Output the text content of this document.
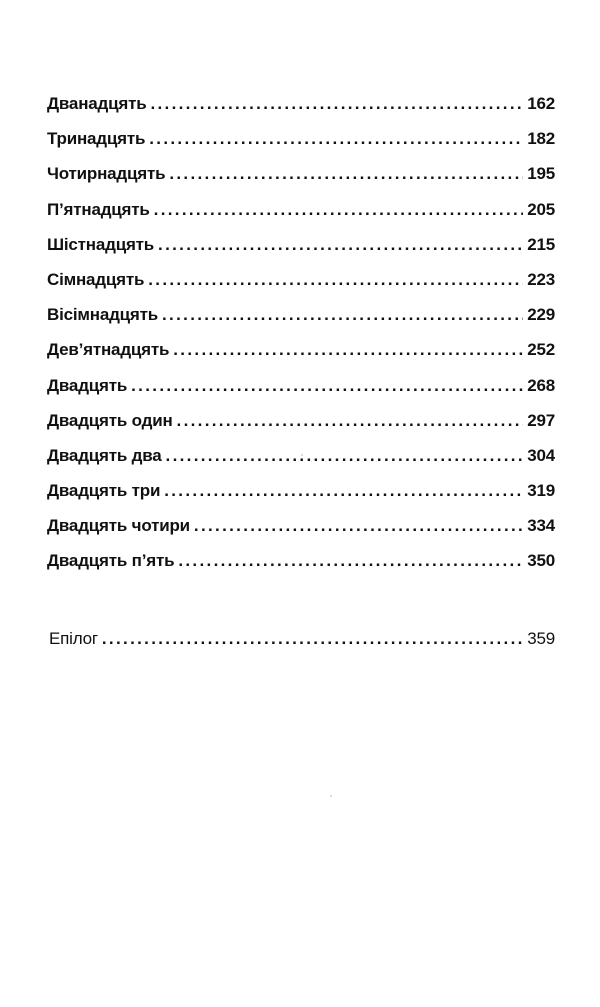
Дванадцять . . .	162
Тринадцять . . .	182
Чотирнадцять . . .	195
П’ятнадцять . . .	205
Шістнадцять . . .	215
Сімнадцять . . .	223
Вісімнадцять . . .	229
Дев’ятнадцять . . .	252
Двадцять . . .	268
Двадцять один . . .	297
Двадцять два . . .	304
Двадцять три . . .	319
Двадцять чотири . . .	334
Двадцять п’ять . . .	350
Епілог . . .	359
